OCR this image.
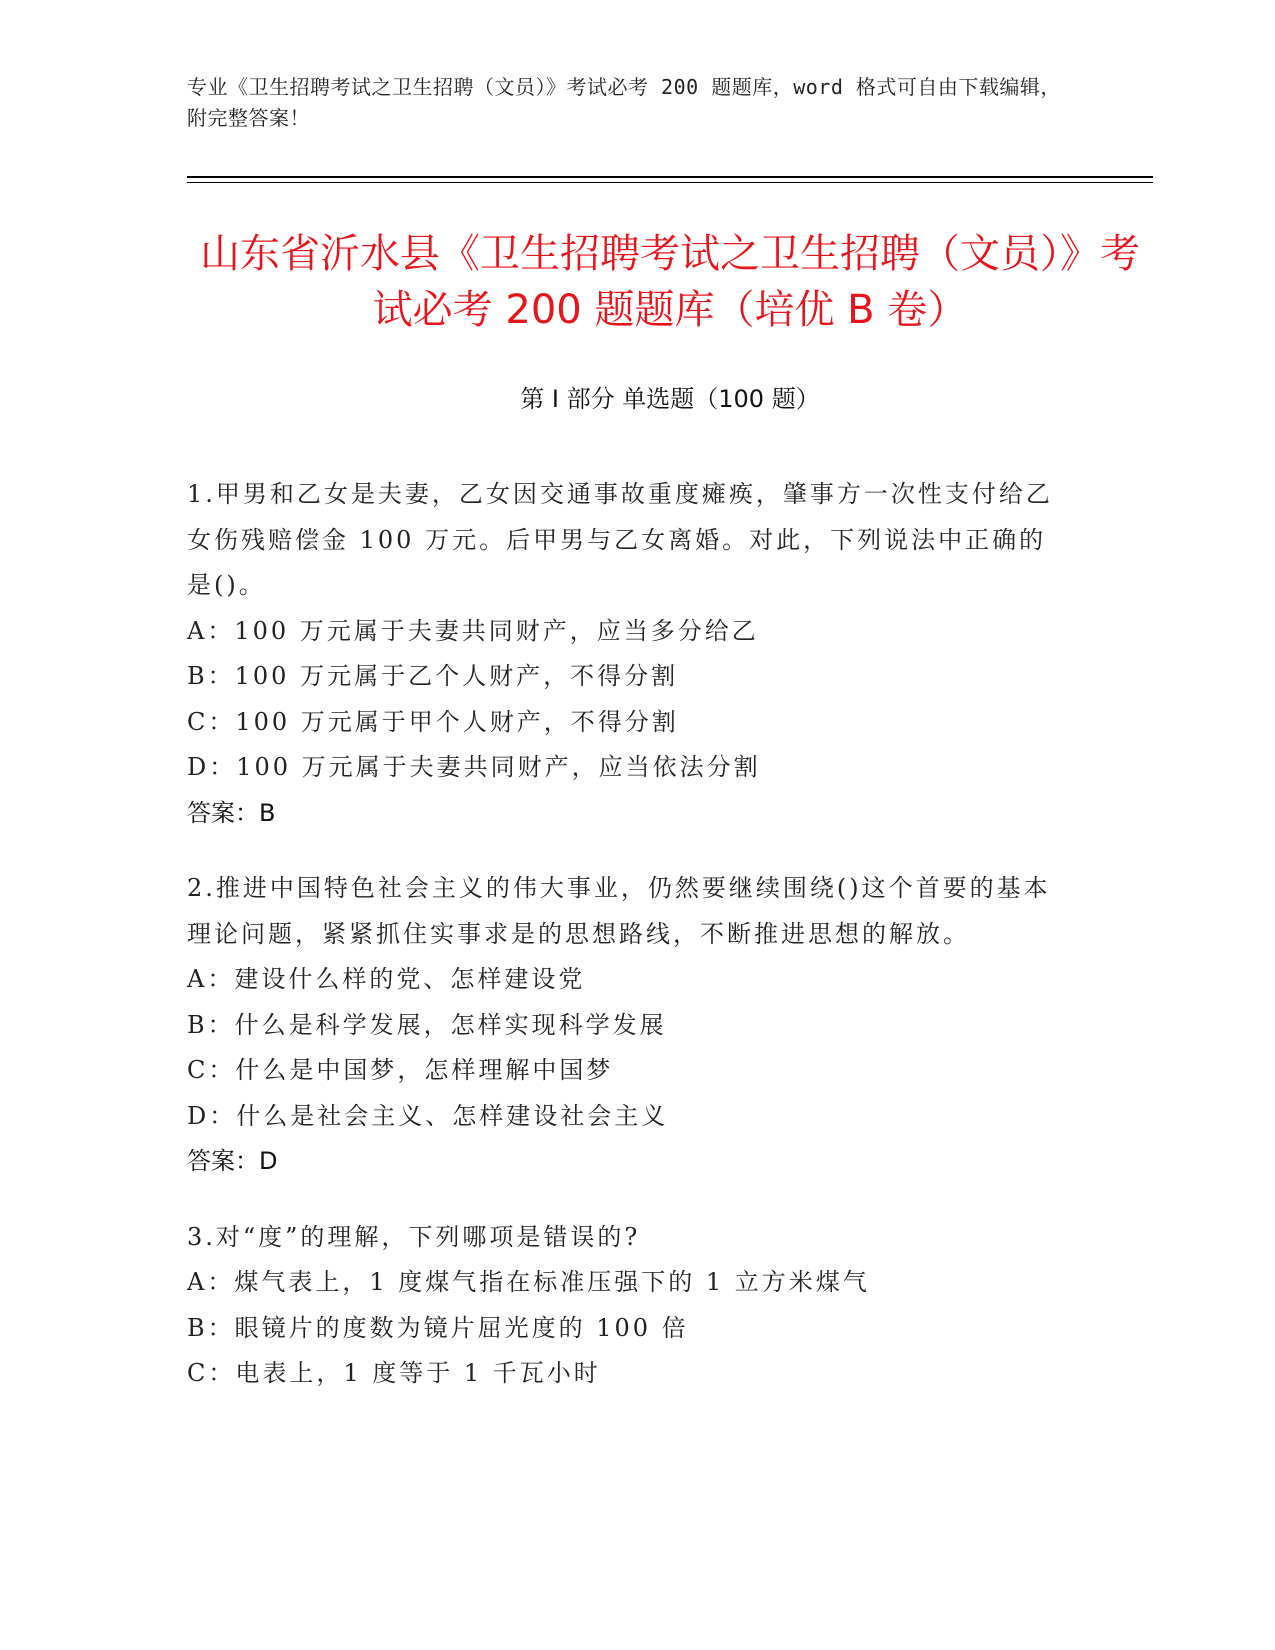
专业《卫生招聘考试之卫生招聘（文员）》考试必考 200 题题库，word 格式可自由下载编辑，附完整答案！
山东省沂水县《卫生招聘考试之卫生招聘（文员）》考试必考 200 题题库（培优 B 卷）
第 I 部分 单选题（100 题）
1.甲男和乙女是夫妻，乙女因交通事故重度瘫痪，肇事方一次性支付给乙女伤残赔偿金 100 万元。后甲男与乙女离婚。对此，下列说法中正确的是()。
A：100 万元属于夫妻共同财产，应当多分给乙
B：100 万元属于乙个人财产，不得分割
C：100 万元属于甲个人财产，不得分割
D：100 万元属于夫妻共同财产，应当依法分割
答案：B
2.推进中国特色社会主义的伟大事业，仍然要继续围绕()这个首要的基本理论问题，紧紧抓住实事求是的思想路线，不断推进思想的解放。
A：建设什么样的党、怎样建设党
B：什么是科学发展，怎样实现科学发展
C：什么是中国梦，怎样理解中国梦
D：什么是社会主义、怎样建设社会主义
答案：D
3.对“度”的理解，下列哪项是错误的?
A：煤气表上，1 度煤气指在标准压强下的 1 立方米煤气
B：眼镜片的度数为镜片屈光度的 100 倍
C：电表上，1 度等于 1 千瓦小时
